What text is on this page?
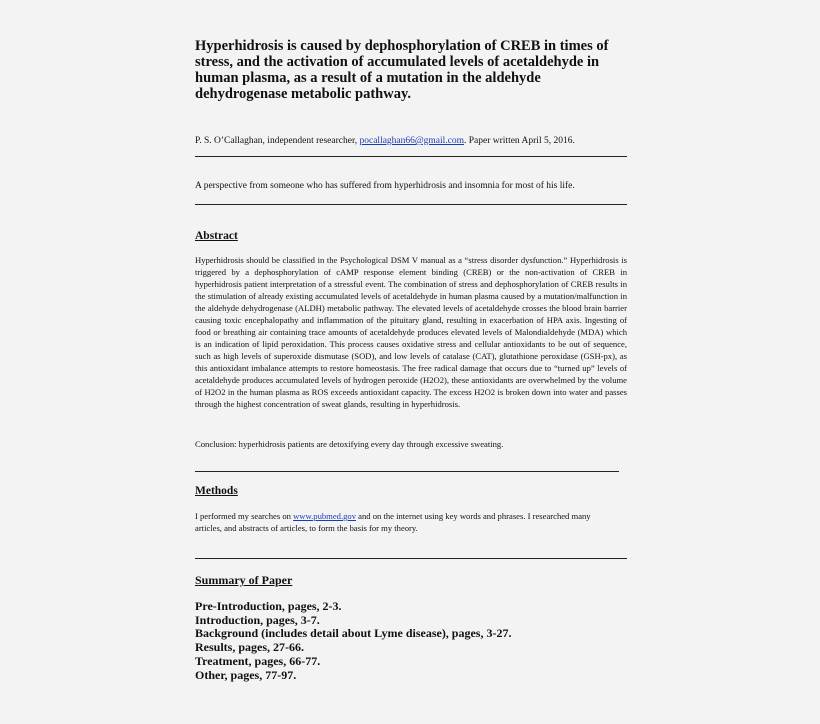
Hyperhidrosis is caused by dephosphorylation of CREB in times of stress, and the activation of accumulated levels of acetaldehyde in human plasma, as a result of a mutation in the aldehyde dehydrogenase metabolic pathway.
P. S. O’Callaghan, independent researcher, pocallaghan66@gmail.com. Paper written April 5, 2016.
A perspective from someone who has suffered from hyperhidrosis and insomnia for most of his life.
Abstract
Hyperhidrosis should be classified in the Psychological DSM V manual as a “stress disorder dysfunction.” Hyperhidrosis is triggered by a dephosphorylation of cAMP response element binding (CREB) or the non-activation of CREB in hyperhidrosis patient interpretation of a stressful event. The combination of stress and dephosphorylation of CREB results in the stimulation of already existing accumulated levels of acetaldehyde in human plasma caused by a mutation/malfunction in the aldehyde dehydrogenase (ALDH) metabolic pathway. The elevated levels of acetaldehyde crosses the blood brain barrier causing toxic encephalopathy and inflammation of the pituitary gland, resulting in exacerbation of HPA axis. Ingesting of food or breathing air containing trace amounts of acetaldehyde produces elevated levels of Malondialdehyde (MDA) which is an indication of lipid peroxidation. This process causes oxidative stress and cellular antioxidants to be out of sequence, such as high levels of superoxide dismutase (SOD), and low levels of catalase (CAT), glutathione peroxidase (GSH-px), as this antioxidant imbalance attempts to restore homeostasis. The free radical damage that occurs due to “turned up” levels of acetaldehyde produces accumulated levels of hydrogen peroxide (H2O2), these antioxidants are overwhelmed by the volume of H2O2 in the human plasma as ROS exceeds antioxidant capacity. The excess H2O2 is broken down into water and passes through the highest concentration of sweat glands, resulting in hyperhidrosis.
Conclusion: hyperhidrosis patients are detoxifying every day through excessive sweating.
Methods
I performed my searches on www.pubmed.gov and on the internet using key words and phrases. I researched many articles, and abstracts of articles, to form the basis for my theory.
Summary of Paper
Pre-Introduction, pages, 2-3.
Introduction, pages, 3-7.
Background (includes detail about Lyme disease), pages, 3-27.
Results, pages, 27-66.
Treatment, pages, 66-77.
Other, pages, 77-97.
